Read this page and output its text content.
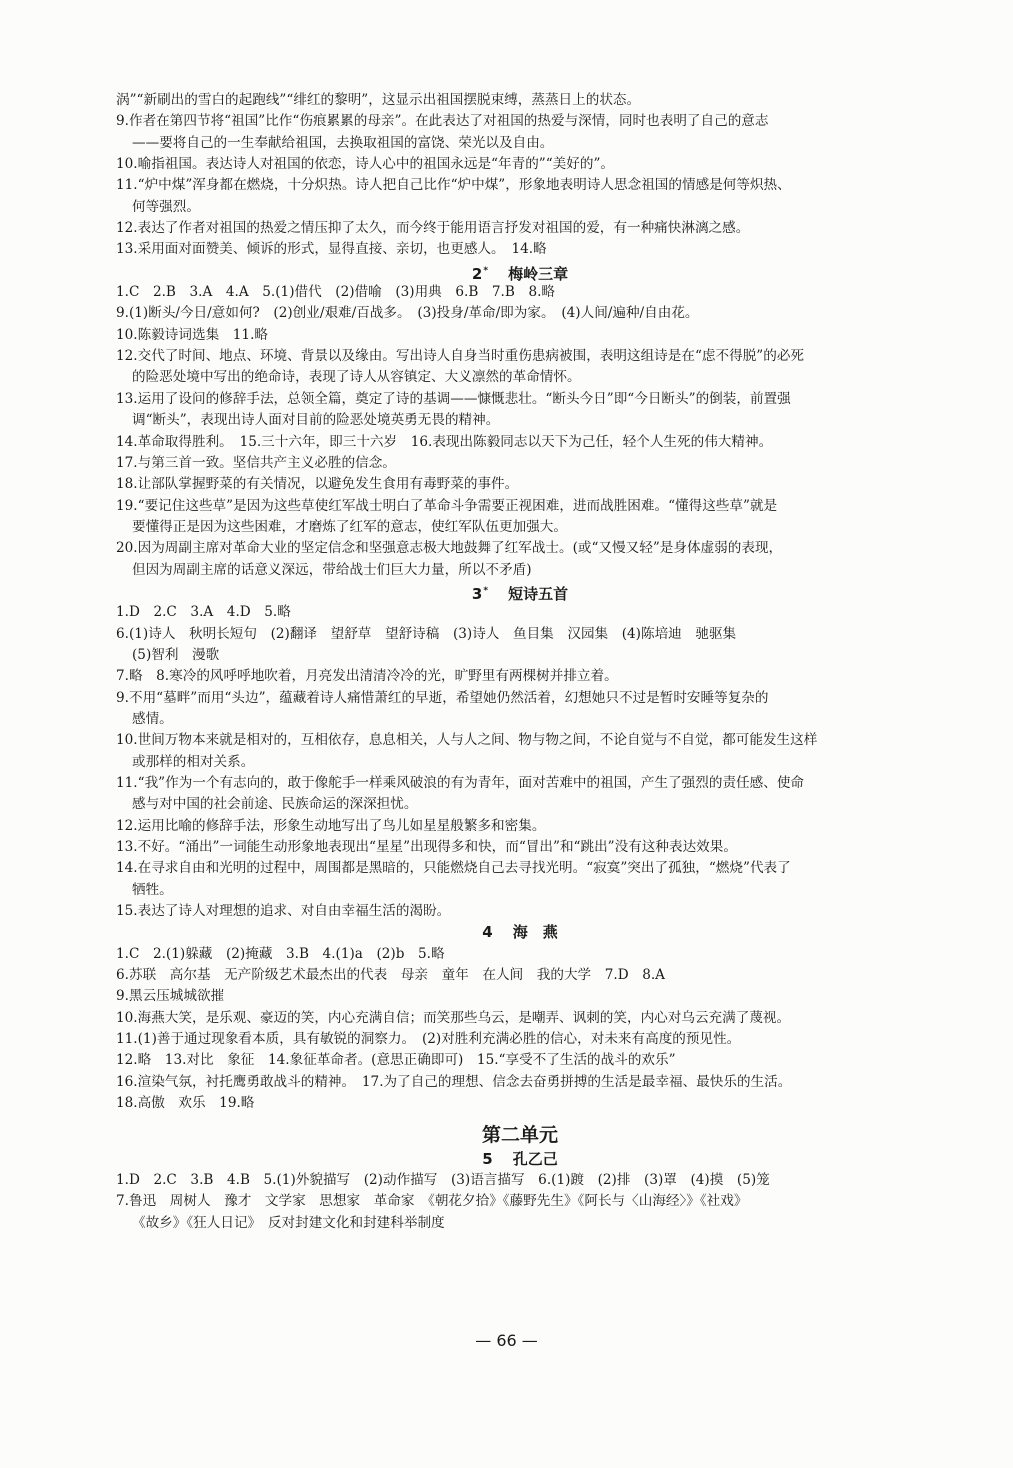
涡”“新刷出的雪白的起跑线”“绯红的黎明”，这显示出祖国摆脱束缚，蒸蒸日上的状态。
9.作者在第四节将“祖国”比作“伤痕累累的母亲”。在此表达了对祖国的热爱与深情，同时也表明了自己的意志
——要将自己的一生奉献给祖国，去换取祖国的富饶、荣光以及自由。
10.喻指祖国。表达诗人对祖国的依恋，诗人心中的祖国永远是“年青的”“美好的”。
11.“炉中煤”浑身都在燃烧，十分炽热。诗人把自己比作“炉中煤”，形象地表明诗人思念祖国的情感是何等炽热、
何等强烈。
12.表达了作者对祖国的热爱之情压抑了太久，而今终于能用语言抒发对祖国的爱，有一种痛快淋漓之感。
13.采用面对面赞美、倾诉的形式，显得直接、亲切，也更感人。　14.略
2* 梅岭三章
1.C　2.B　3.A　4.A　5.(1)借代　(2)借喻　(3)用典　6.B　7.B　8.略
9.(1)断头/今日/意如何?　(2)创业/艰难/百战多。　(3)投身/革命/即为家。　(4)人间/遍种/自由花。
10.陈毅诗词选集　11.略
12.交代了时间、地点、环境、背景以及缘由。写出诗人自身当时重伤患病被围，表明这组诗是在“虑不得脱”的必死
的险恶处境中写出的绝命诗，表现了诗人从容镇定、大义凛然的革命情怀。
13.运用了设问的修辞手法，总领全篇，奠定了诗的基调——慷慨悲壮。“断头今日”即“今日断头”的倒装，前置强
调“断头”，表现出诗人面对目前的险恶处境英勇无畏的精神。
14.革命取得胜利。　15.三十六年，即三十六岁　16.表现出陈毅同志以天下为己任，轻个人生死的伟大精神。
17.与第三首一致。坚信共产主义必胜的信念。
18.让部队掌握野菜的有关情况，以避免发生食用有毒野菜的事件。
19.“要记住这些草”是因为这些草使红军战士明白了革命斗争需要正视困难，进而战胜困难。“懂得这些草”就是
要懂得正是因为这些困难，才磨炼了红军的意志，使红军队伍更加强大。
20.因为周副主席对革命大业的坚定信念和坚强意志极大地鼓舞了红军战士。(或“又慢又轻”是身体虚弱的表现，
但因为周副主席的话意义深远，带给战士们巨大力量，所以不矛盾)
3* 短诗五首
1.D　2.C　3.A　4.D　5.略
6.(1)诗人　秋明长短句　(2)翻译　望舒草　望舒诗稿　(3)诗人　鱼目集　汉园集　(4)陈培迪　驰驱集
(5)智利　漫歌
7.略　8.寒冷的风呼呼地吹着，月亮发出清清冷冷的光，旷野里有两棵树并排立着。
9.不用“墓畔”而用“头边”，蕴藏着诗人痛惜萧红的早逝，希望她仍然活着，幻想她只不过是暂时安睡等复杂的
感情。
10.世间万物本来就是相对的，互相依存，息息相关，人与人之间、物与物之间，不论自觉与不自觉，都可能发生这样
或那样的相对关系。
11.“我”作为一个有志向的，敢于像舵手一样乘风破浪的有为青年，面对苦难中的祖国，产生了强烈的责任感、使命
感与对中国的社会前途、民族命运的深深担忧。
12.运用比喻的修辞手法，形象生动地写出了鸟儿如星星般繁多和密集。
13.不好。“涌出”一词能生动形象地表现出“星星”出现得多和快，而“冒出”和“跳出”没有这种表达效果。
14.在寻求自由和光明的过程中，周围都是黑暗的，只能燃烧自己去寻找光明。“寂寞”突出了孤独，“燃烧”代表了
牺牲。
15.表达了诗人对理想的追求、对自由幸福生活的渴盼。
4 海　燕
1.C　2.(1)躲藏　(2)掩藏　3.B　4.(1)a　(2)b　5.略
6.苏联　高尔基　无产阶级艺术最杰出的代表　母亲　童年　在人间　我的大学　7.D　8.A
9.黑云压城城欲摧
10.海燕大笑，是乐观、豪迈的笑，内心充满自信；而笑那些乌云，是嘲弄、讽刺的笑，内心对乌云充满了蔑视。
11.(1)善于通过现象看本质，具有敏锐的洞察力。　(2)对胜利充满必胜的信心，对未来有高度的预见性。
12.略　13.对比　象征　14.象征革命者。(意思正确即可)　15.“享受不了生活的战斗的欢乐”
16.渲染气氛，衬托鹰勇敢战斗的精神。　17.为了自己的理想、信念去奋勇拼搏的生活是最幸福、最快乐的生活。
18.高傲　欢乐　19.略
第二单元
5 孔乙己
1.D　2.C　3.B　4.B　5.(1)外貌描写　(2)动作描写　(3)语言描写　6.(1)踱　(2)排　(3)罩　(4)摸　(5)笼
7.鲁迅　周树人　豫才　文学家　思想家　革命家　《朝花夕拾》《藤野先生》《阿长与〈山海经〉》《社戏》
《故乡》《狂人日记》　反对封建文化和封建科举制度
— 66 —
